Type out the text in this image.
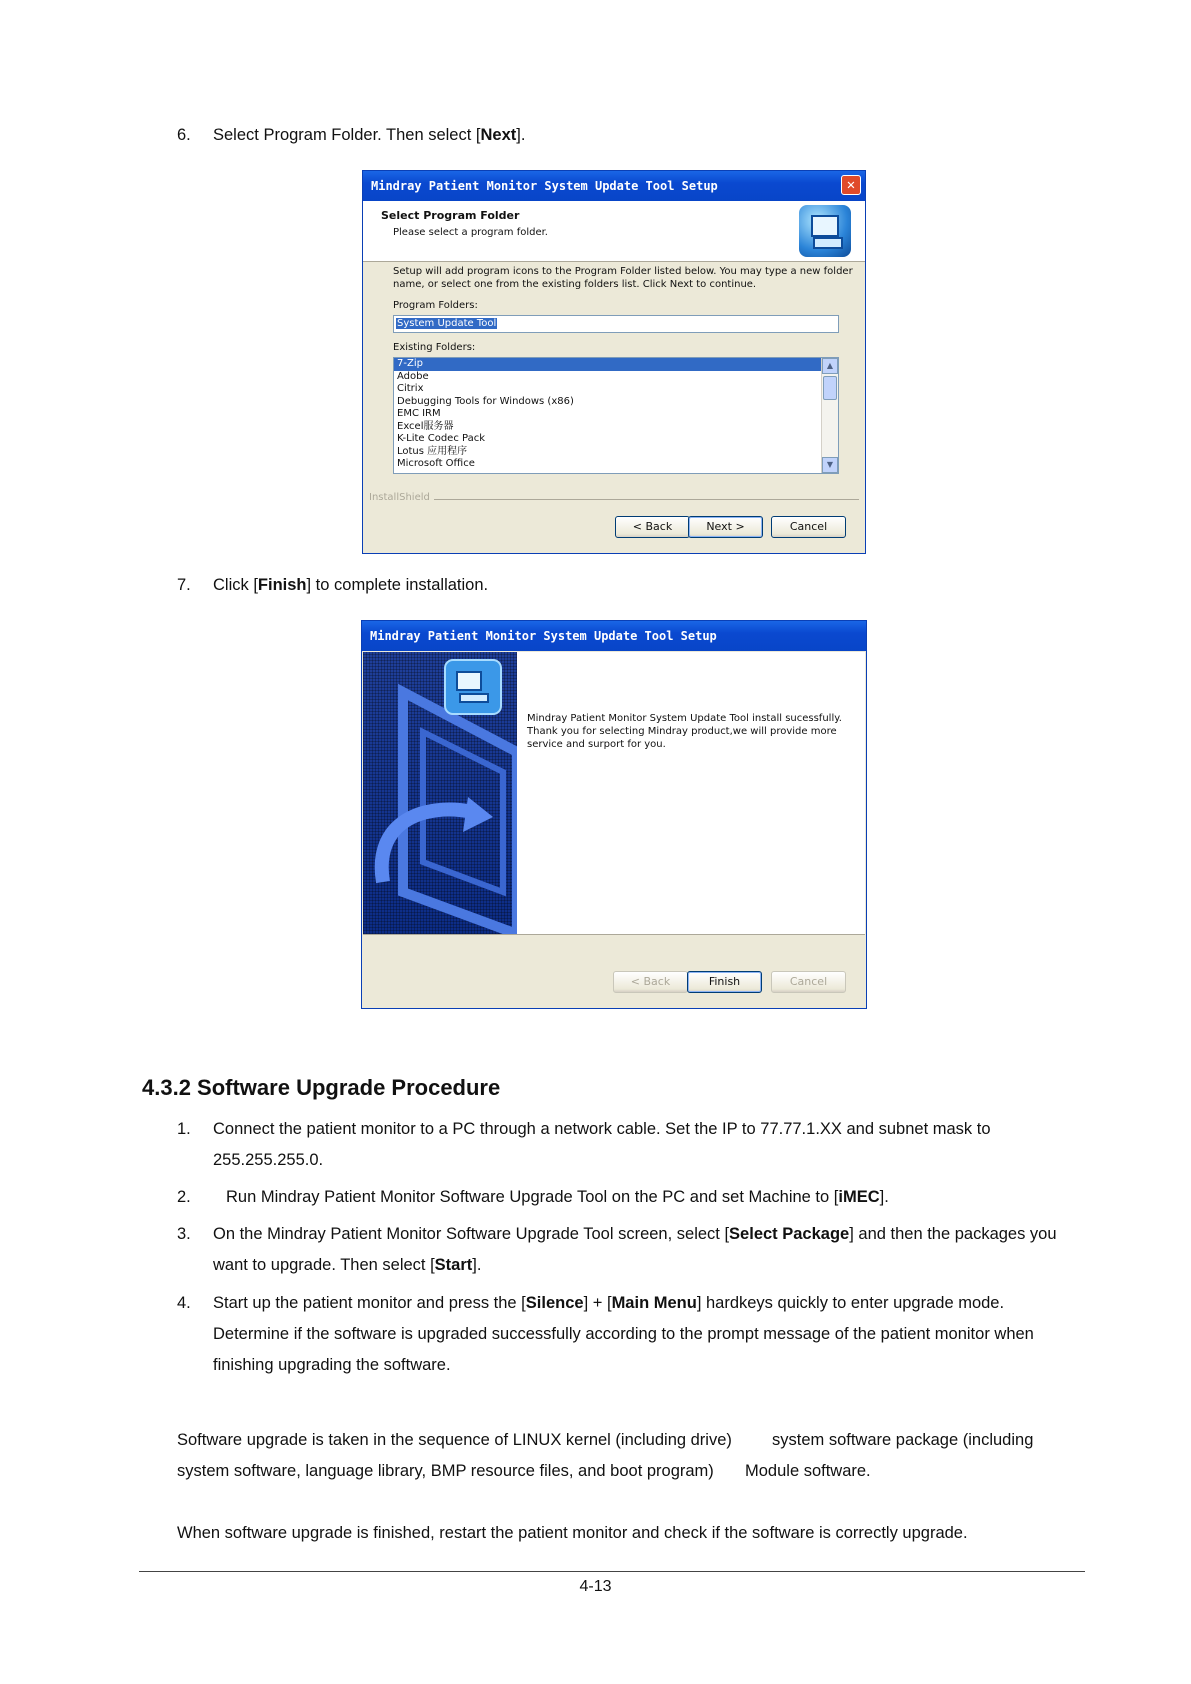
6. Select Program Folder. Then select [Next].
Mindray Patient Monitor System Update Tool Setup	✕
Select Program Folder
Please select a program folder.
Setup will add program icons to the Program Folder listed below. You may type a new folder
name, or select one from the existing folders list. Click Next to continue.
Program Folders:
System Update Tool
Existing Folders:
7-Zip
Adobe
Citrix
Debugging Tools for Windows (x86)
EMC IRM
Excel服务器
K-Lite Codec Pack
Lotus 应用程序
Microsoft Office
▲
▼
InstallShield
< Back	Next >	Cancel
7. Click [Finish] to complete installation.
Mindray Patient Monitor System Update Tool Setup
Mindray Patient Monitor System Update Tool install sucessfully.
Thank you for selecting Mindray product,we will provide more
service and surport for you.
< Back	Finish	Cancel
4.3.2 Software Upgrade Procedure
1. Connect the patient monitor to a PC through a network cable. Set the IP to 77.77.1.XX and subnet mask to
255.255.255.0.
2. Run Mindray Patient Monitor Software Upgrade Tool on the PC and set Machine to [iMEC].
3. On the Mindray Patient Monitor Software Upgrade Tool screen, select [Select Package] and then the packages you
want to upgrade. Then select [Start].
4. Start up the patient monitor and press the [Silence] + [Main Menu] hardkeys quickly to enter upgrade mode.
Determine if the software is upgraded successfully according to the prompt message of the patient monitor when
finishing upgrading the software.
Software upgrade is taken in the sequence of LINUX kernel (including drive) system software package (including
system software, language library, BMP resource files, and boot program) Module software.
When software upgrade is finished, restart the patient monitor and check if the software is correctly upgrade.
4-13
